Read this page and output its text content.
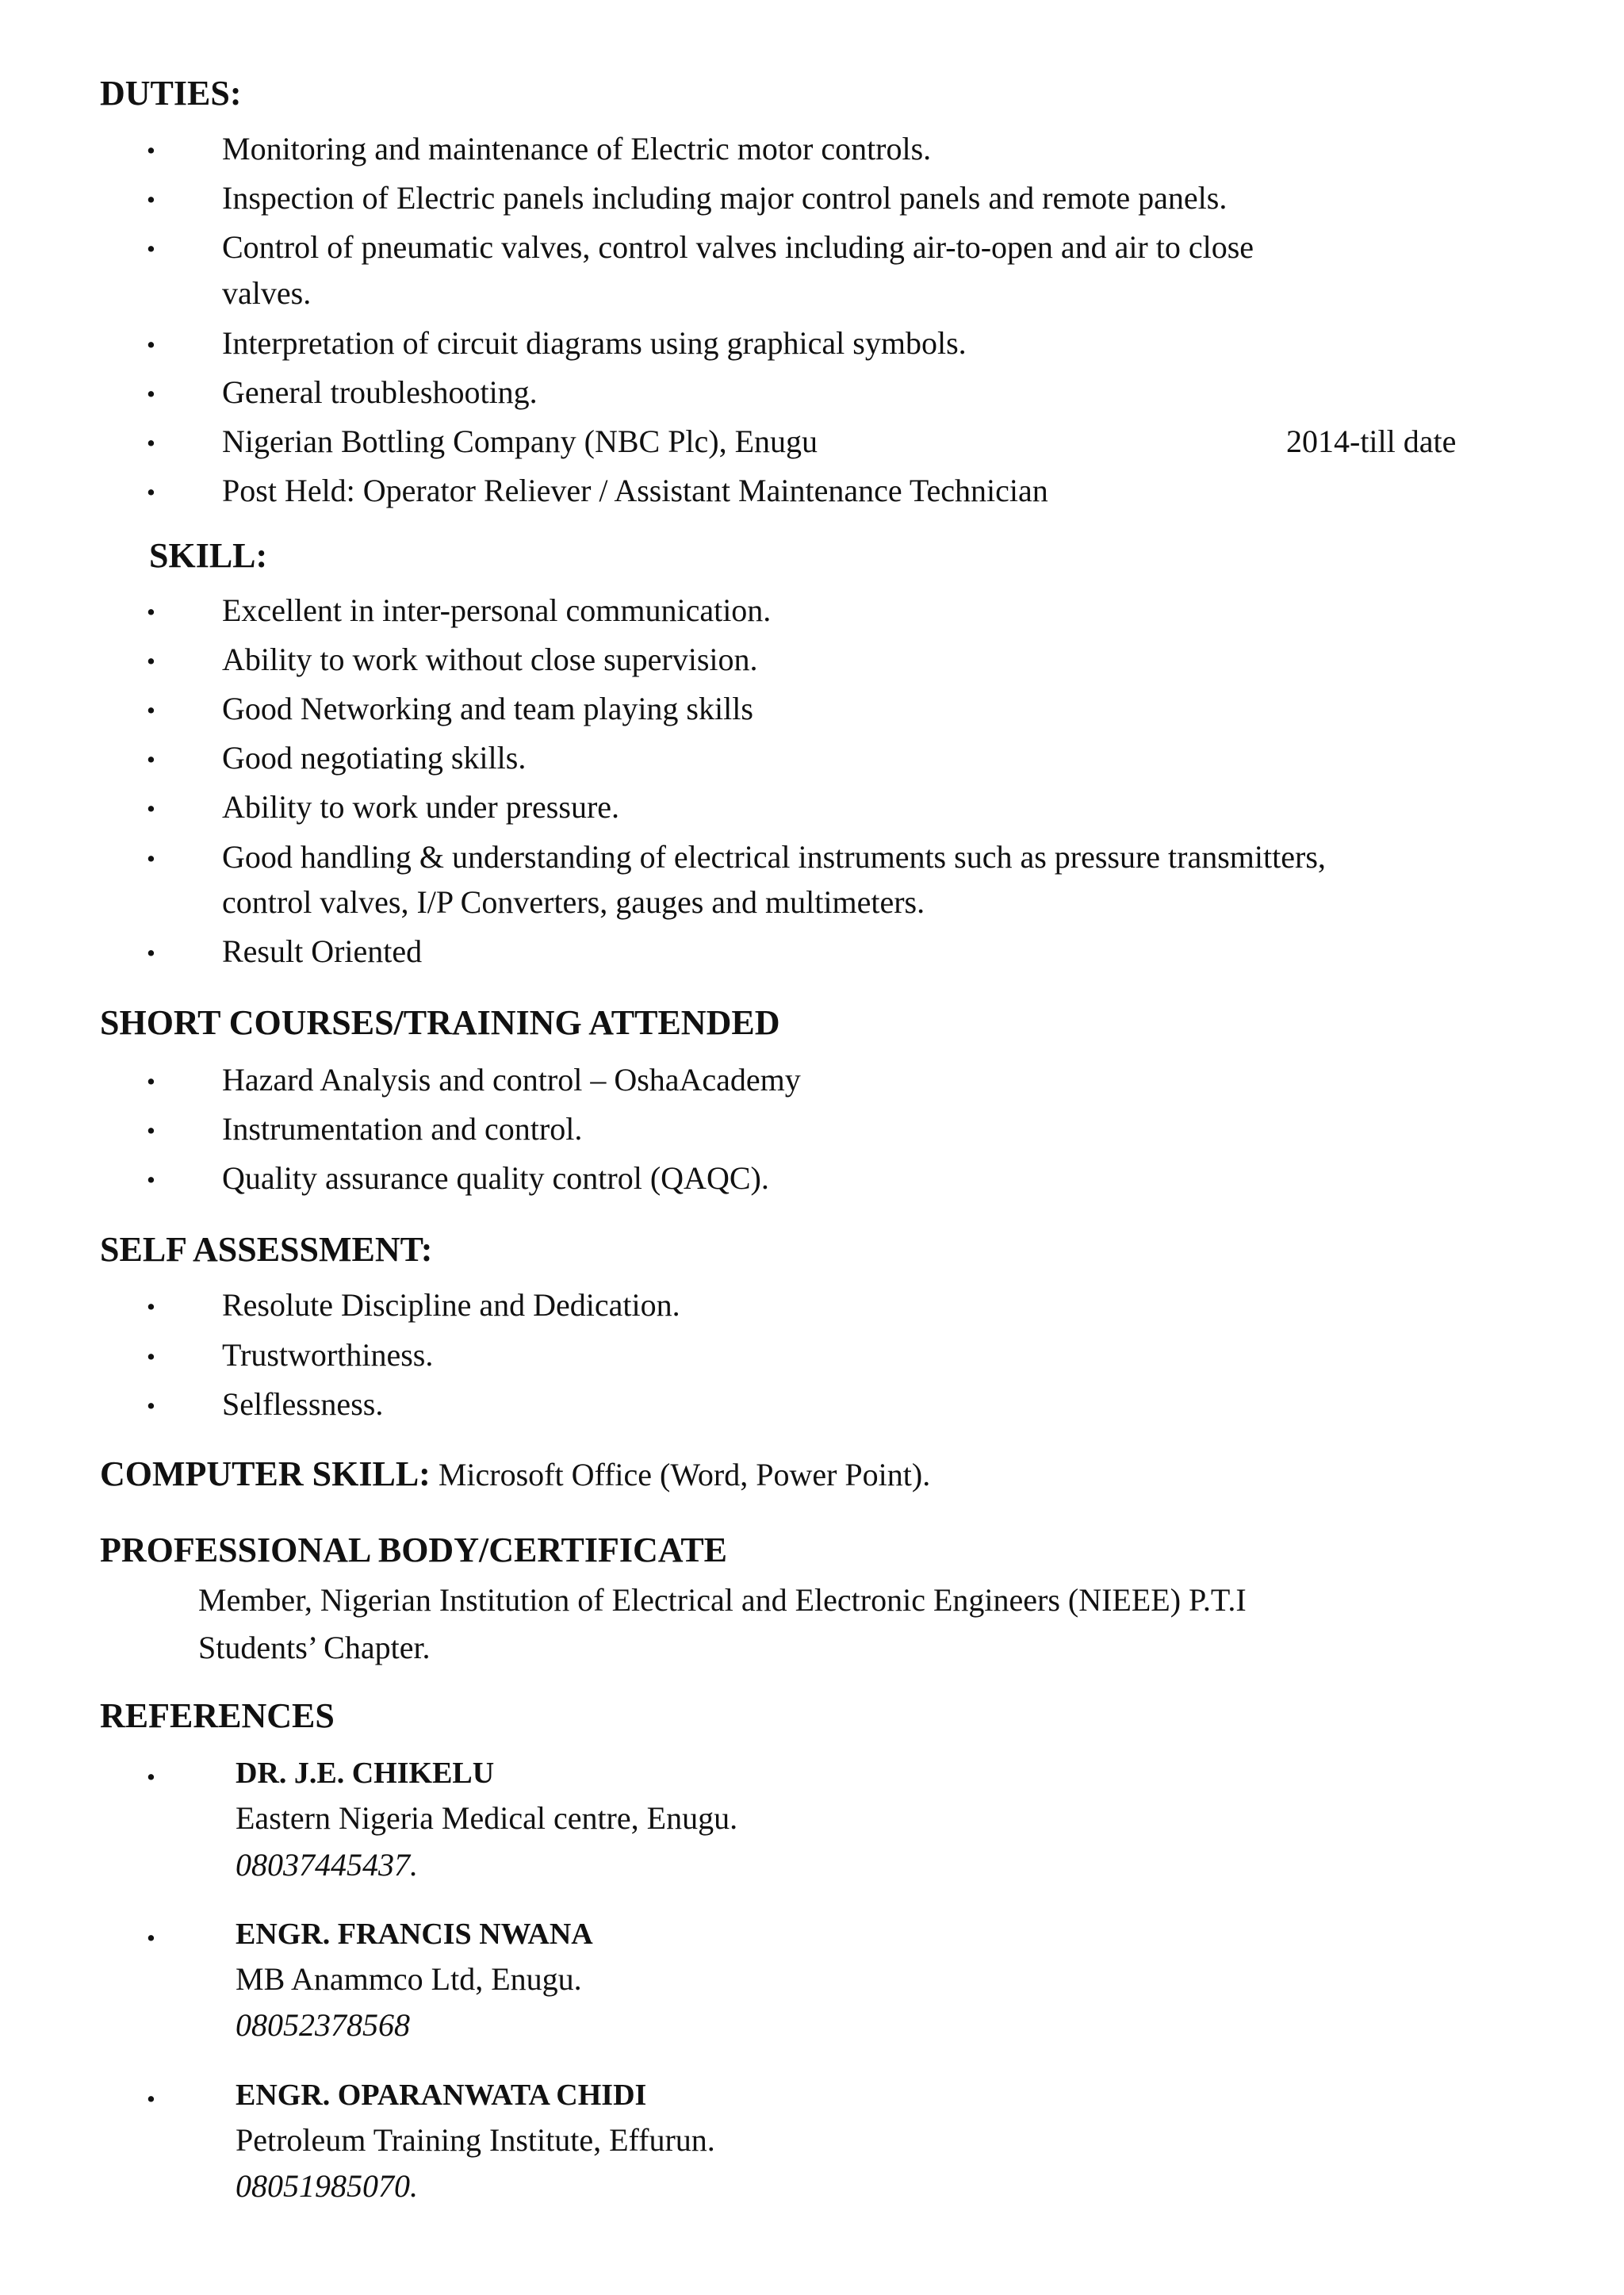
DUTIES:
• Monitoring and maintenance of Electric motor controls.
• Inspection of Electric panels including major control panels and remote panels.
• Control of pneumatic valves, control valves including air-to-open and air to close
valves.
• Interpretation of circuit diagrams using graphical symbols.
• General troubleshooting.
• Nigerian Bottling Company (NBC Plc), Enugu	2014-till date
• Post Held: Operator Reliever / Assistant Maintenance Technician
SKILL:
• Excellent in inter-personal communication.
• Ability to work without close supervision.
• Good Networking and team playing skills
• Good negotiating skills.
• Ability to work under pressure.
• Good handling & understanding of electrical instruments such as pressure transmitters,
control valves, I/P Converters, gauges and multimeters.
• Result Oriented
SHORT COURSES/TRAINING ATTENDED
• Hazard Analysis and control – OshaAcademy
• Instrumentation and control.
• Quality assurance quality control (QAQC).
SELF ASSESSMENT:
• Resolute Discipline and Dedication.
• Trustworthiness.
• Selflessness.
COMPUTER SKILL: Microsoft Office (Word, Power Point).
PROFESSIONAL BODY/CERTIFICATE
Member, Nigerian Institution of Electrical and Electronic Engineers (NIEEE) P.T.I
Students’ Chapter.
REFERENCES
•	DR. J.E. CHIKELU
Eastern Nigeria Medical centre, Enugu.
08037445437.
•	ENGR. FRANCIS NWANA
MB Anammco Ltd, Enugu.
08052378568
•	ENGR. OPARANWATA CHIDI
Petroleum Training Institute, Effurun.
08051985070.
